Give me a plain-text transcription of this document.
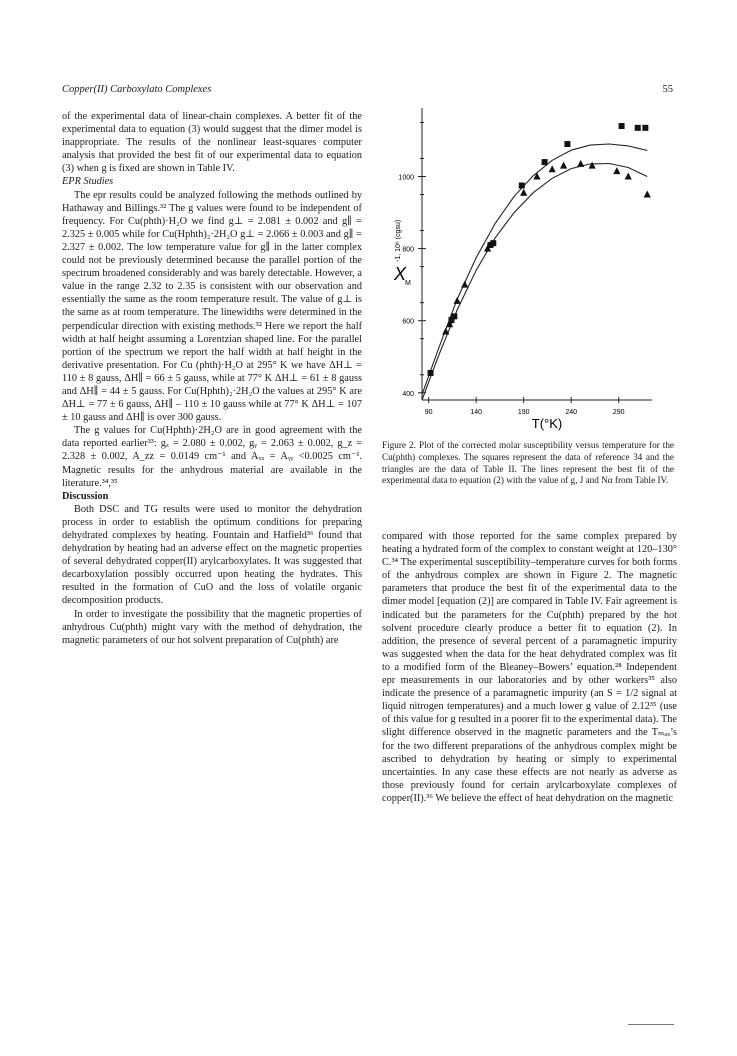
Copper(II) Carboxylato Complexes	55

of the experimental data of linear-chain complexes. A better fit of the experimental data to equation (3) would suggest that the dimer model is inappropriate. The results of the nonlinear least-squares computer analysis that provided the best fit of our experimental data to equation (3) when g is fixed are shown in Table IV.

EPR Studies

The epr results could be analyzed following the methods outlined by Hathaway and Billings.³² The g values were found to be independent of frequency. For Cu(phth)·H₂O we find g⊥ = 2.081 ± 0.002 and g∥ = 2.325 ± 0.005 while for Cu(Hphth)₂·2H₂O g⊥ = 2.066 ± 0.003 and g∥ = 2.327 ± 0.002. The low temperature value for g∥ in the latter complex could not be previously determined because the parallel portion of the spectrum broadened considerably and was barely detectable. However, a value in the range 2.32 to 2.35 is consistent with our observation and essentially the same as the room temperature result. The value of g⊥ is the same as at room temperature. The linewidths were determined in the perpendicular direction with existing methods.³² Here we report the half width at half height assuming a Lorentzian shaped line. For the parallel portion of the spectrum we report the half width at half height in the derivative presentation. For Cu (phth)·H₂O at 295° K we have ΔH⊥ = 110 ± 8 gauss, ΔH∥ = 66 ± 5 gauss, while at 77° K ΔH⊥ = 61 ± 8 gauss and ΔH∥ = 44 ± 5 gauss. For Cu(Hphth)₂·2H₂O the values at 295° K are ΔH⊥ = 77 ± 6 gauss, ΔH∥ – 110 ± 10 gauss while at 77° K ΔH⊥ = 107 ± 10 gauss and ΔH∥ is over 300 gauss.

The g values for Cu(Hphth)·2H₂O are in good agreement with the data reported earlier³³: gₓ = 2.080 ± 0.002, gᵧ = 2.063 ± 0.002, g_z = 2.328 ± 0.002, A_zz = 0.0149 cm⁻¹ and Aₓₓ = Aᵧᵧ <0.0025 cm⁻¹. Magnetic results for the anhydrous material are available in the literature.³⁴,³⁵

Discussion

Both DSC and TG results were used to monitor the dehydration process in order to establish the optimum conditions for preparing dehydrated complexes by heating. Fountain and Hatfield³⁶ found that dehydration by heating had an adverse effect on the magnetic properties of several dehydrated copper(II) arylcarboxylates. It was suggested that decarboxylation possibly occurred upon heating the hydrates. This resulted in the formation of CuO and the loss of volatile organic decomposition products.

In order to investigate the possibility that the magnetic properties of anhydrous Cu(phth) might vary with the method of dehydration, the magnetic parameters of our hot solvent preparation of Cu(phth) are

400
600
800
1000
90	140	190	240	290
X
M
-1, 10⁶ (cgsu)
T(°K)
Figure 2. Plot of the corrected molar susceptibility versus temperature for the Cu(phth) complexes. The squares represent the data of reference 34 and the triangles are the data of Table II. The lines represent the best fit of the experimental data to equation (2) with the value of g, J and Nα from Table IV.

compared with those reported for the same complex prepared by heating a hydrated form of the complex to constant weight at 120–130° C.³⁴ The experimental susceptibility–temperature curves for both forms of the anhydrous complex are shown in Figure 2. The magnetic parameters that produce the best fit of the experimental data to the dimer model [equation (2)] are compared in Table IV. Fair agreement is indicated but the parameters for the Cu(phth) prepared by the hot solvent procedure clearly produce a better fit to equation (2). In addition, the presence of several percent of a paramagnetic impurity was suggested when the data for the heat dehydrated complex was fit to a modified form of the Bleaney–Bowers’ equation.²⁸ Independent epr measurements in our laboratories and by other workers³⁵ also indicate the presence of a paramagnetic impurity (an S = 1/2 signal at liquid nitrogen temperatures) and a much lower g value of 2.12³⁵ (use of this value for g resulted in a poorer fit to the experimental data). The slight difference observed in the magnetic parameters and the Tₘₐₓ’s for the two different preparations of the anhydrous complex might be ascribed to dehydration by heating or simply to experimental uncertainties. In any case these effects are not nearly as adverse as those previously found for certain arylcarboxylate complexes of copper(II).³⁶ We believe the effect of heat dehydration on the magnetic
